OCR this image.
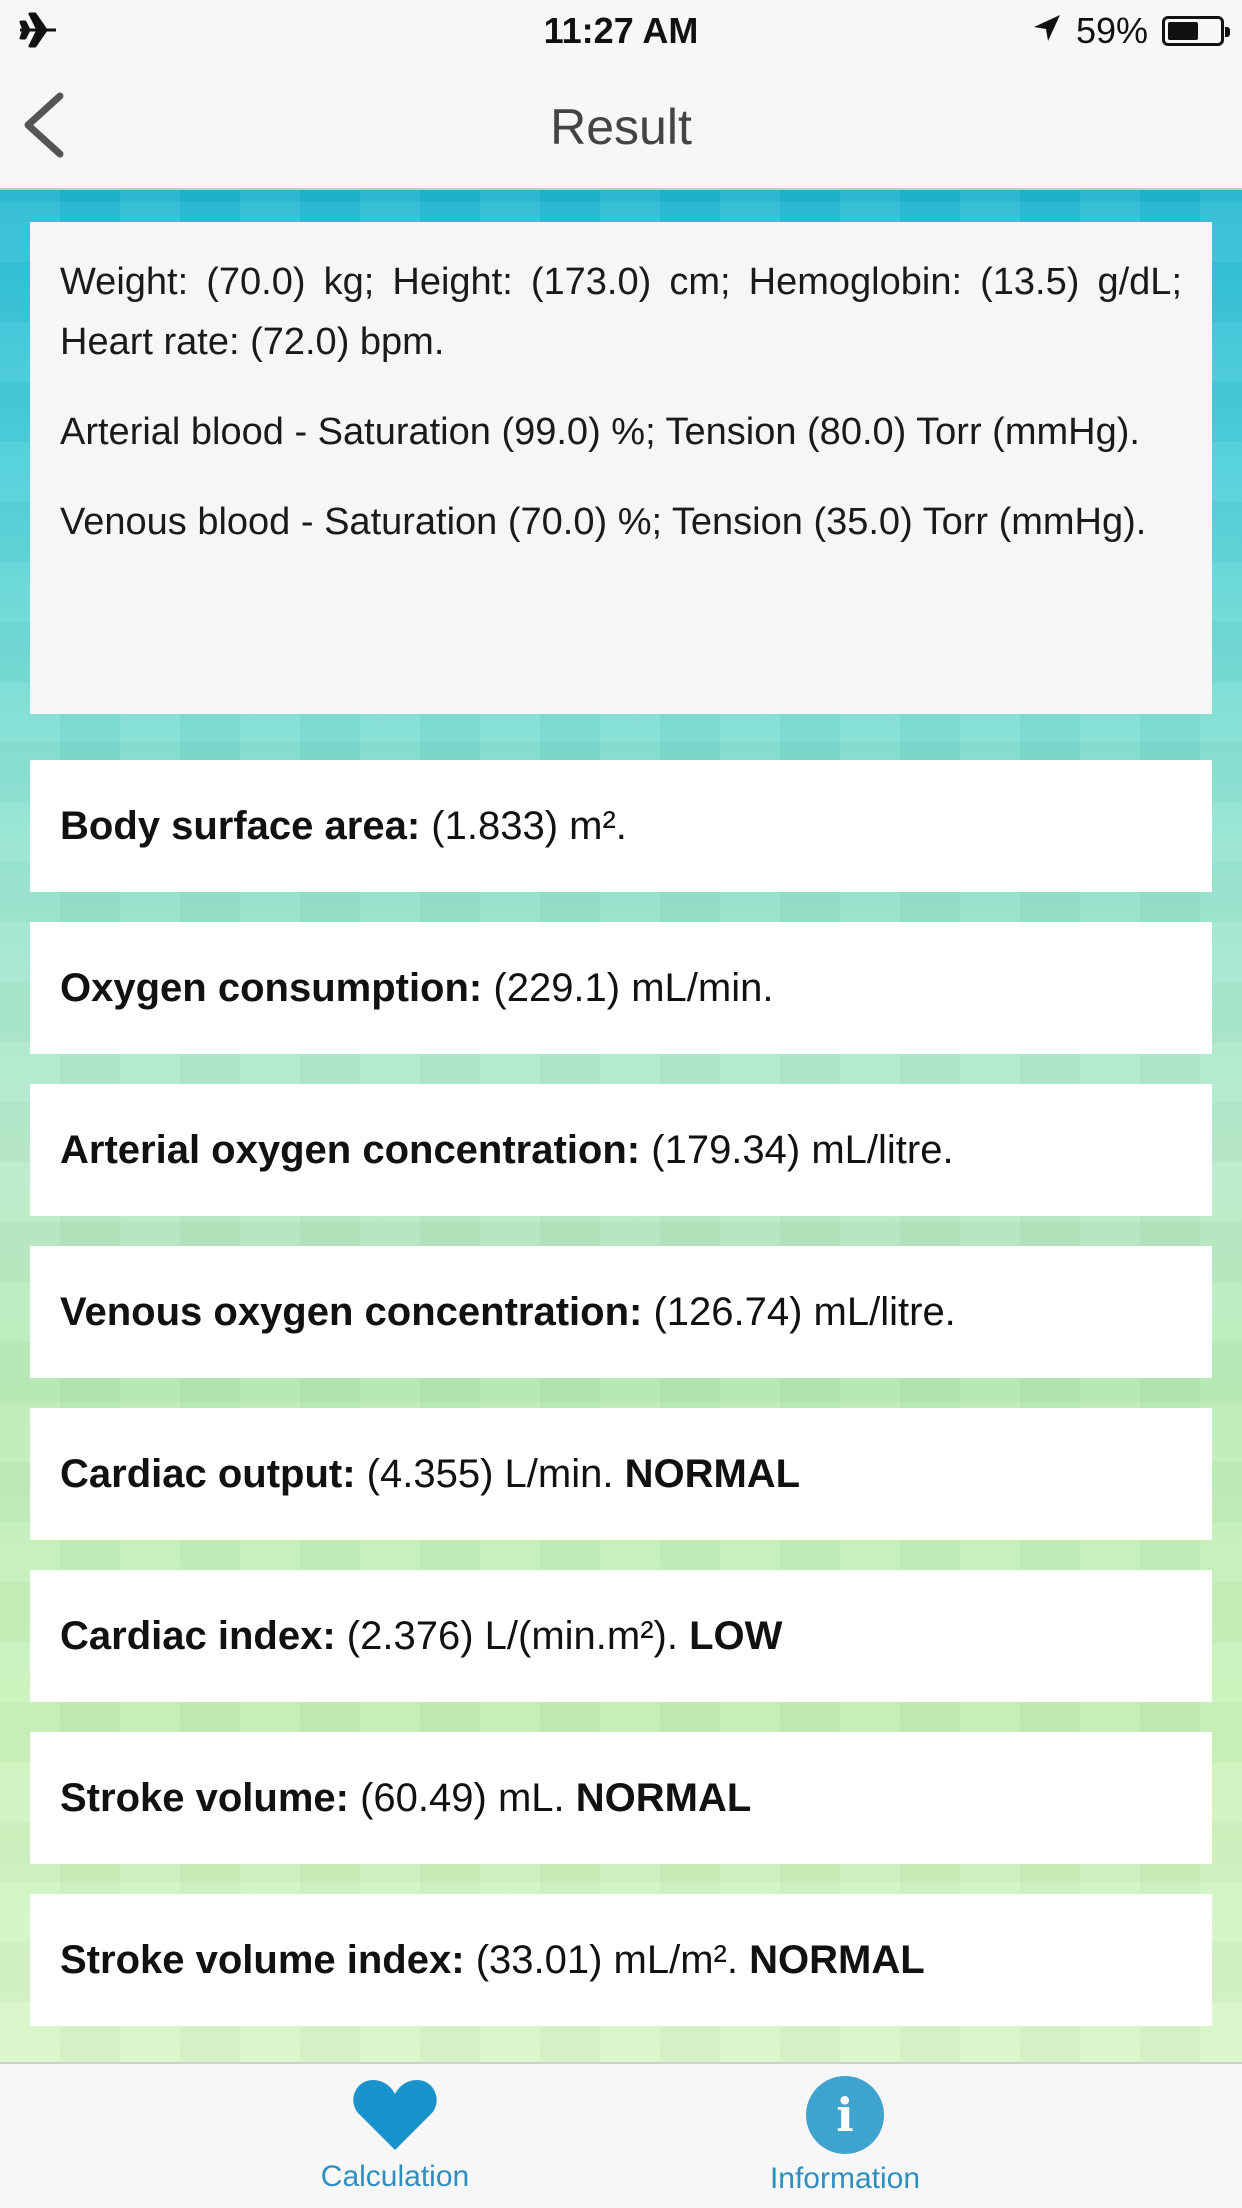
11:27 AM	59%
Result

Weight: (70.0) kg; Height: (173.0) cm; Hemoglobin: (13.5) g/dL; Heart rate: (72.0) bpm.

Arterial blood - Saturation (99.0) %; Tension (80.0) Torr (mmHg).

Venous blood - Saturation (70.0) %; Tension (35.0) Torr (mmHg).

Body surface area:
(1.833) m².
Oxygen consumption:
(229.1) mL/min.
Arterial oxygen concentration:
(179.34) mL/litre.
Venous oxygen concentration:
(126.74) mL/litre.
Cardiac output:
(4.355) L/min.
NORMAL
Cardiac index:
(2.376) L/(min.m²).
LOW
Stroke volume:
(60.49) mL.
NORMAL
Stroke volume index:
(33.01) mL/m².
NORMAL
Calculation
i
Information
